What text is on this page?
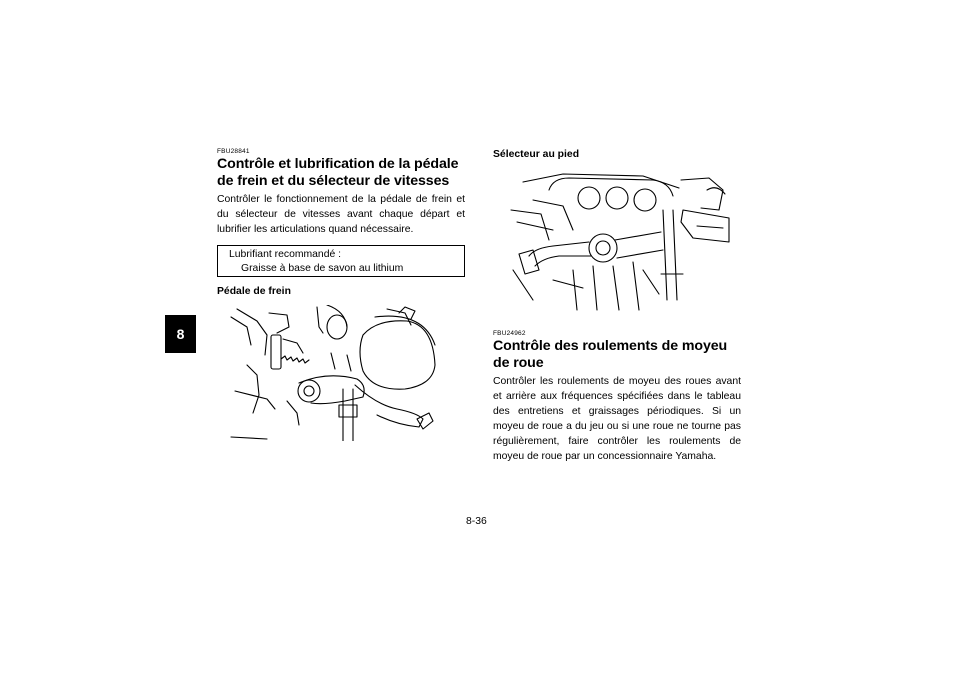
8
FBU28841
Contrôle et lubrification de la pédale de frein et du sélecteur de vitesses

Contrôler le fonctionnement de la pédale de frein et du sélecteur de vitesses avant chaque départ et lubrifier les articulations quand nécessaire.

Lubrifiant recommandé :
Graisse à base de savon au lithium

Pédale de frein

Sélecteur au pied

FBU24962
Contrôle des roulements de moyeu de roue

Contrôler les roulements de moyeu des roues avant et arrière aux fréquences spécifiées dans le tableau des entretiens et graissages périodiques. Si un moyeu de roue a du jeu ou si une roue ne tourne pas régulièrement, faire contrôler les roulements de moyeu de roue par un concessionnaire Yamaha.

8-36
